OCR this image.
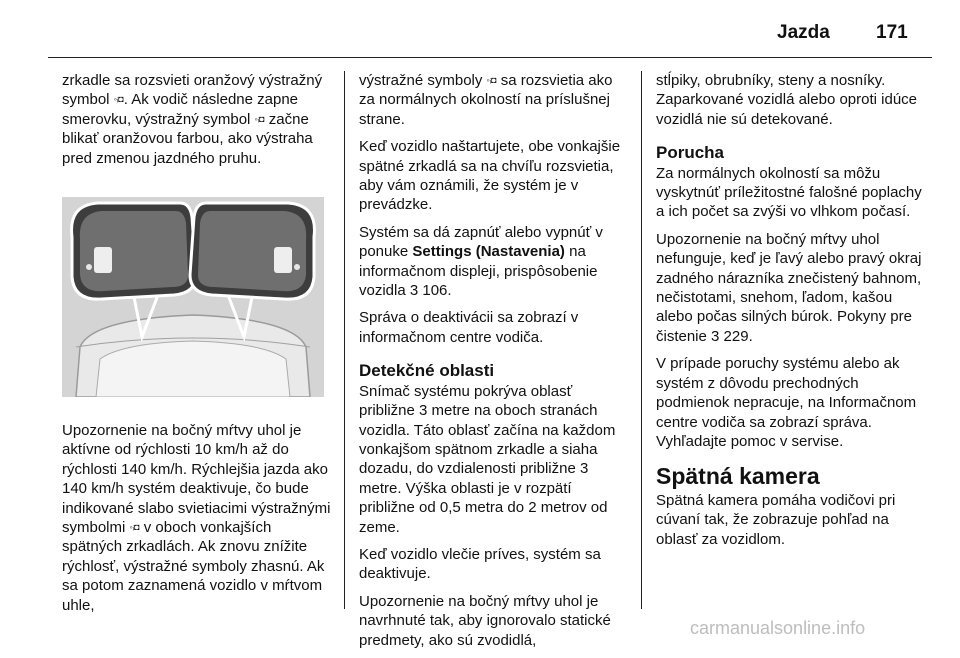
Jazda 171

zrkadle sa rozsvieti oranžový výstražný symbol ◦ᵢ◘. Ak vodič následne zapne smerovku, výstražný symbol ◦ᵢ◘ začne blikať oranžovou farbou, ako výstraha pred zmenou jazdného pruhu.

Upozornenie na bočný mŕtvy uhol je aktívne od rýchlosti 10 km/h až do rýchlosti 140 km/h. Rýchlejšia jazda ako 140 km/h systém deaktivuje, čo bude indikované slabo svietiacimi výstražnými symbolmi ◦ᵢ◘ v oboch vonkajších spätných zrkadlách. Ak znovu znížite rýchlosť, výstražné symboly zhasnú. Ak sa potom zaznamená vozidlo v mŕtvom uhle,

výstražné symboly ◦ᵢ◘ sa rozsvietia ako za normálnych okolností na príslušnej strane.

Keď vozidlo naštartujete, obe vonkajšie spätné zrkadlá sa na chvíľu rozsvietia, aby vám oznámili, že systém je v prevádzke.

Systém sa dá zapnúť alebo vypnúť v ponuke Settings (Nastavenia) na informačnom displeji, prispôsobenie vozidla 3 106.

Správa o deaktivácii sa zobrazí v informačnom centre vodiča.

Detekčné oblasti

Snímač systému pokrýva oblasť približne 3 metre na oboch stranách vozidla. Táto oblasť začína na každom vonkajšom spätnom zrkadle a siaha dozadu, do vzdialenosti približne 3 metre. Výška oblasti je v rozpätí približne od 0,5 metra do 2 metrov od zeme.

Keď vozidlo vlečie príves, systém sa deaktivuje.

Upozornenie na bočný mŕtvy uhol je navrhnuté tak, aby ignorovalo statické predmety, ako sú zvodidlá,

stĺpiky, obrubníky, steny a nosníky. Zaparkované vozidlá alebo oproti idúce vozidlá nie sú detekované.

Porucha

Za normálnych okolností sa môžu vyskytnúť príležitostné falošné poplachy a ich počet sa zvýši vo vlhkom počasí.

Upozornenie na bočný mŕtvy uhol nefunguje, keď je ľavý alebo pravý okraj zadného nárazníka znečistený bahnom, nečistotami, snehom, ľadom, kašou alebo počas silných búrok. Pokyny pre čistenie 3 229.

V prípade poruchy systému alebo ak systém z dôvodu prechodných podmienok nepracuje, na Informačnom centre vodiča sa zobrazí správa. Vyhľadajte pomoc v servise.

Spätná kamera

Spätná kamera pomáha vodičovi pri cúvaní tak, že zobrazuje pohľad na oblasť za vozidlom.

carmanualsonline.info
